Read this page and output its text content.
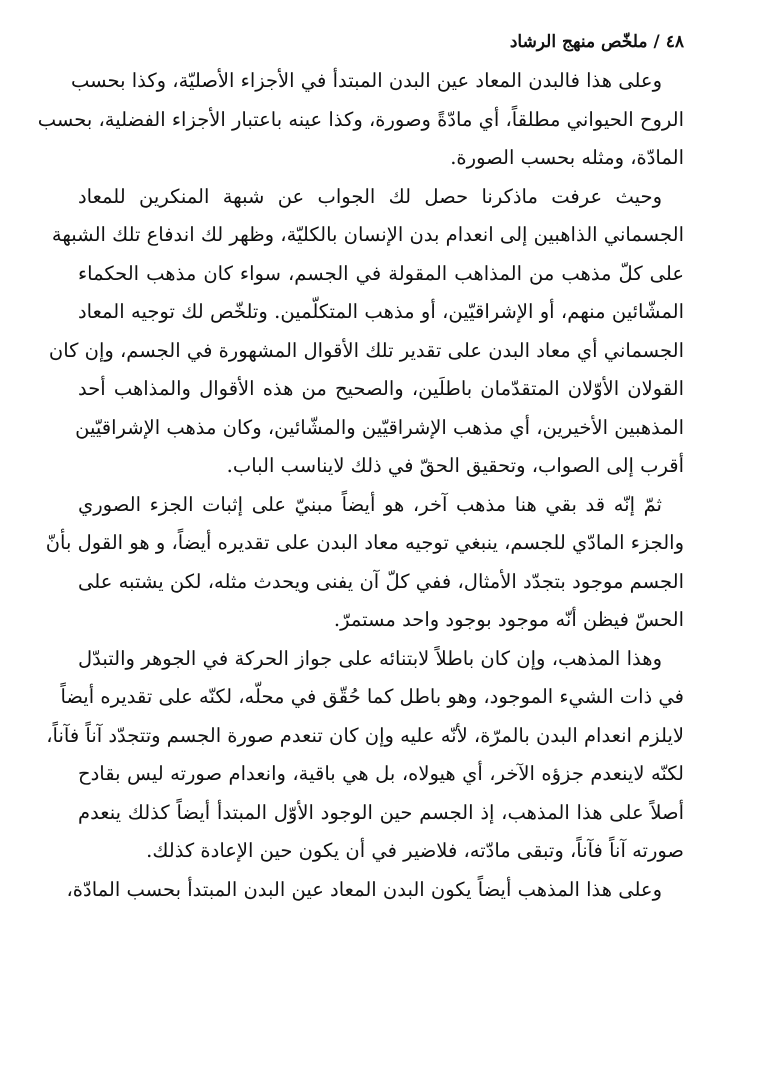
٤٨/ملخّص منهج الرشاد

وعلى هذا فالبدن المعاد عين البدن المبتدأ في الأجزاء الأصليّة، وكذا بحسب
الروح الحيواني مطلقاً، أي مادّةً وصورة، وكذا عينه باعتبار الأجزاء الفضلية، بحسب
المادّة، ومثله بحسب الصورة.

وحيث عرفت ماذكرنا حصل لك الجواب عن شبهة المنكرين للمعاد
الجسماني الذاهبين إلى انعدام بدن الإنسان بالكليّة، وظهر لك اندفاع تلك الشبهة
على كلّ مذهب من المذاهب المقولة في الجسم، سواء كان مذهب الحكماء
المشّائين منهم، أو الإشراقيّين، أو مذهب المتكلّمين. وتلخّص لك توجيه المعاد
الجسماني أي معاد البدن على تقدير تلك الأقوال المشهورة في الجسم، وإن كان
القولان الأوّلان المتقدّمان باطلَين، والصحيح من هذه الأقوال والمذاهب أحد
المذهبين الأخيرين، أي مذهب الإشراقيّين والمشّائين، وكان مذهب الإشراقيّين
أقرب إلى الصواب، وتحقيق الحقّ في ذلك لايناسب الباب.

ثمّ إنّه قد بقي هنا مذهب آخر، هو أيضاً مبنيّ على إثبات الجزء الصوري
والجزء المادّي للجسم، ينبغي توجيه معاد البدن على تقديره أيضاً، و هو القول بأنّ
الجسم موجود بتجدّد الأمثال، ففي كلّ آن يفنى ويحدث مثله، لكن يشتبه على
الحسّ فيظن أنّه موجود بوجود واحد مستمرّ.

وهذا المذهب، وإن كان باطلاً لابتنائه على جواز الحركة في الجوهر والتبدّل
في ذات الشيء الموجود، وهو باطل كما حُقّق في محلّه، لكنّه على تقديره أيضاً
لايلزم انعدام البدن بالمرّة، لأنّه عليه وإن كان تنعدم صورة الجسم وتتجدّد آناً فآناً،
لكنّه لاينعدم جزؤه الآخر، أي هيولاه، بل هي باقية، وانعدام صورته ليس بقادح
أصلاً على هذا المذهب، إذ الجسم حين الوجود الأوّل المبتدأ أيضاً كذلك ينعدم
صورته آناً فآناً، وتبقى مادّته، فلاضير في أن يكون حين الإعادة كذلك.

وعلى هذا المذهب أيضاً يكون البدن المعاد عين البدن المبتدأ بحسب المادّة،
